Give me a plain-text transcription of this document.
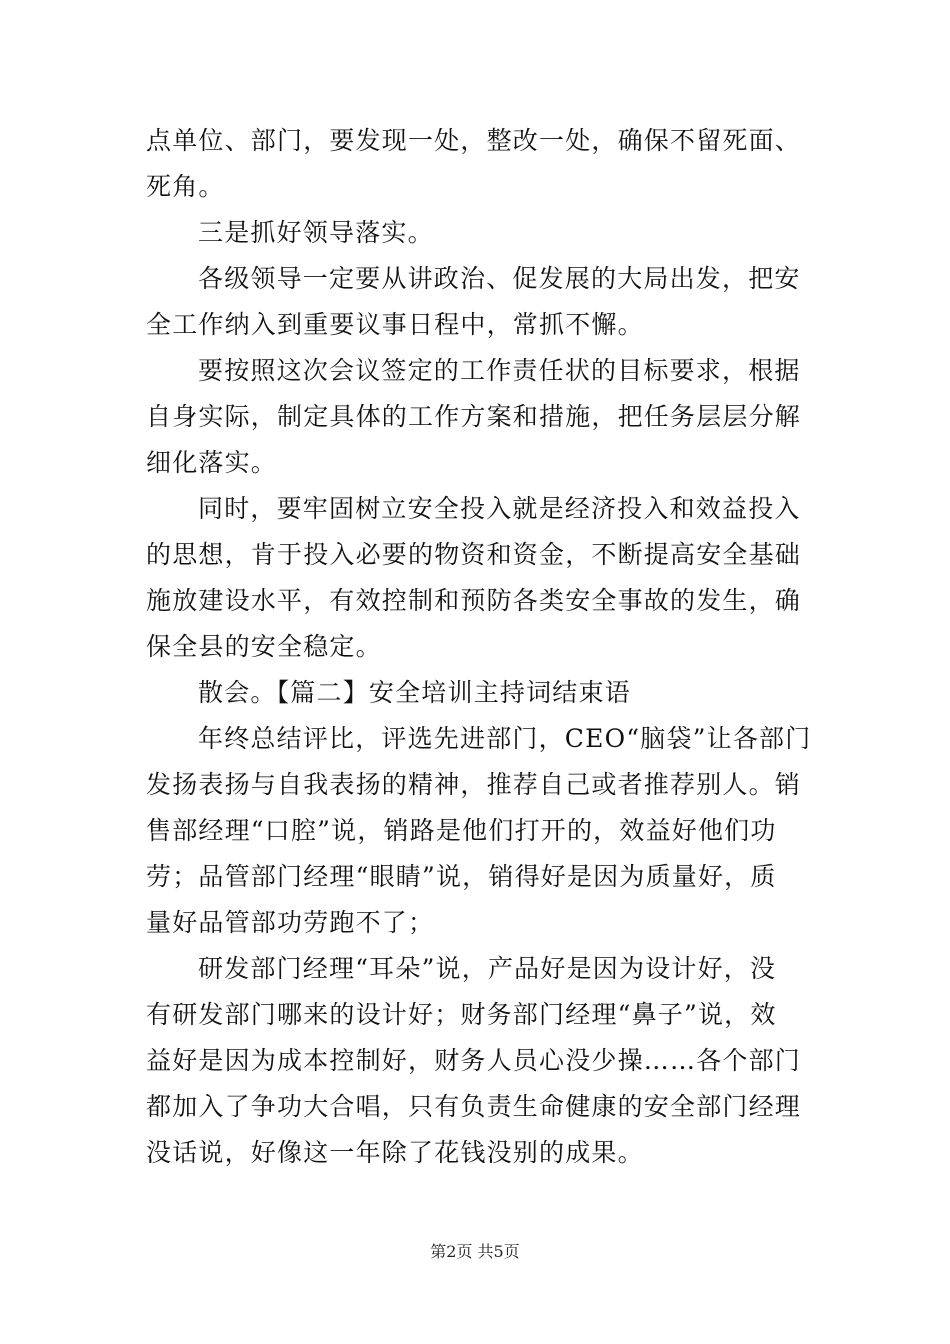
点单位、部门，要发现一处，整改一处，确保不留死面、
死角。
三是抓好领导落实。
各级领导一定要从讲政治、促发展的大局出发，把安
全工作纳入到重要议事日程中，常抓不懈。
要按照这次会议签定的工作责任状的目标要求，根据
自身实际，制定具体的工作方案和措施，把任务层层分解
细化落实。
同时，要牢固树立安全投入就是经济投入和效益投入
的思想，肯于投入必要的物资和资金，不断提高安全基础
施放建设水平，有效控制和预防各类安全事故的发生，确
保全县的安全稳定。
散会。【篇二】安全培训主持词结束语
年终总结评比，评选先进部门，CEO“脑袋”让各部门
发扬表扬与自我表扬的精神，推荐自己或者推荐别人。销
售部经理“口腔”说，销路是他们打开的，效益好他们功
劳；品管部门经理“眼睛”说，销得好是因为质量好，质
量好品管部功劳跑不了；
研发部门经理“耳朵”说，产品好是因为设计好，没
有研发部门哪来的设计好；财务部门经理“鼻子”说，效
益好是因为成本控制好，财务人员心没少操……各个部门
都加入了争功大合唱，只有负责生命健康的安全部门经理
没话说，好像这一年除了花钱没别的成果。
第2页 共5页
